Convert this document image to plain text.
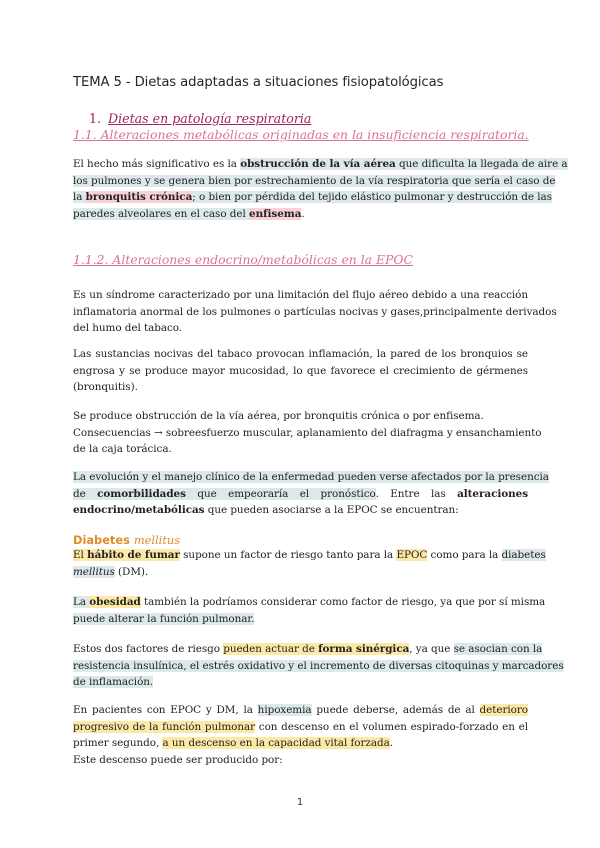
TEMA 5 - Dietas adaptadas a situaciones fisiopatológicas
1. Dietas en patología respiratoria
1.1. Alteraciones metabólicas originadas en la insuficiencia respiratoria.
El hecho más significativo es la obstrucción de la vía aérea que dificulta la llegada de aire a
los pulmones y se genera bien por estrechamiento de la vía respiratoria que sería el caso de
la bronquitis crónica; o bien por pérdida del tejido elástico pulmonar y destrucción de las
paredes alveolares en el caso del enfisema.
1.1.2. Alteraciones endocrino/metabólicas en la EPOC
Es un síndrome caracterizado por una limitación del flujo aéreo debido a una reacción
inflamatoria anormal de los pulmones o partículas nocivas y gases,principalmente derivados
del humo del tabaco.
Las sustancias nocivas del tabaco provocan inflamación, la pared de los bronquios se
engrosa y se produce mayor mucosidad, lo que favorece el crecimiento de gérmenes
(bronquitis).
Se produce obstrucción de la vía aérea, por bronquitis crónica o por enfisema.
Consecuencias → sobreesfuerzo muscular, aplanamiento del diafragma y ensanchamiento
de la caja torácica.
La evolución y el manejo clínico de la enfermedad pueden verse afectados por la presencia
de comorbilidades que empeoraría el pronóstico. Entre las alteraciones
endocrino/metabólicas que pueden asociarse a la EPOC se encuentran:
Diabetes mellitus
El hábito de fumar supone un factor de riesgo tanto para la EPOC como para la diabetes
mellitus (DM).
La obesidad también la podríamos considerar como factor de riesgo, ya que por sí misma
puede alterar la función pulmonar.
Estos dos factores de riesgo pueden actuar de forma sinérgica, ya que se asocian con la
resistencia insulínica, el estrés oxidativo y el incremento de diversas citoquinas y marcadores
de inflamación.
En pacientes con EPOC y DM, la hipoxemia puede deberse, además de al deterioro
progresivo de la función pulmonar con descenso en el volumen espirado-forzado en el
primer segundo, a un descenso en la capacidad vital forzada.
Este descenso puede ser producido por:
1
